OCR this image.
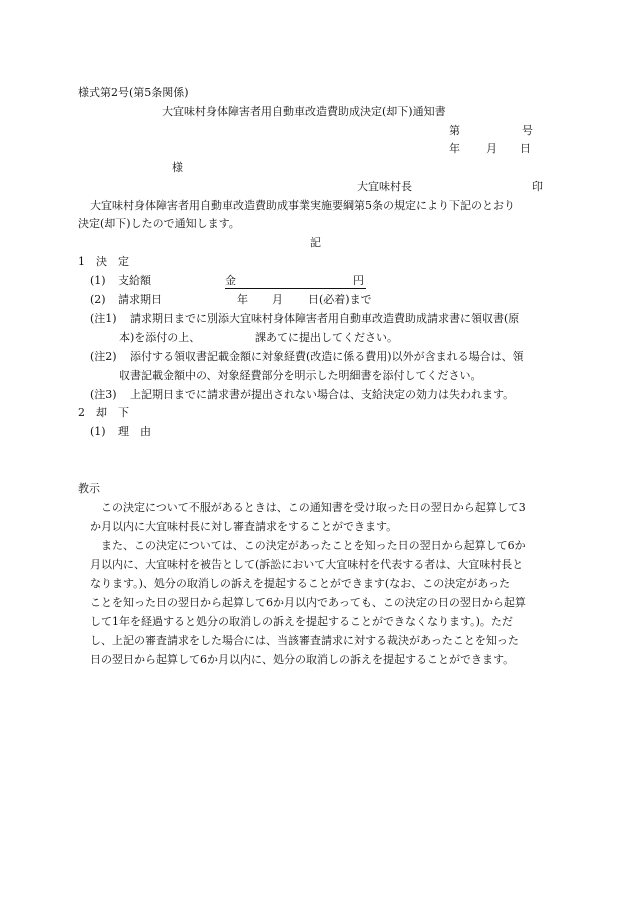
様式第2号(第5条関係)
大宜味村身体障害者用自動車改造費助成決定(却下)通知書
第	号
年 月 日
様
大宜味村長	印
大宜味村身体障害者用自動車改造費助成事業実施要綱第5条の規定により下記のとおり
決定(却下)したので通知します。
記
1 決　定
(1) 支給額	金	円
(2) 請求期日	年 月 日(必着)まで
(注1) 請求期日までに別添大宜味村身体障害者用自動車改造費助成請求書に領収書(原
本)を添付の上、	課あてに提出してください。
(注2) 添付する領収書記載金額に対象経費(改造に係る費用)以外が含まれる場合は、領
収書記載金額中の、対象経費部分を明示した明細書を添付してください。
(注3) 上記期日までに請求書が提出されない場合は、支給決定の効力は失われます。
2 却　下
(1) 理　由
教示
この決定について不服があるときは、この通知書を受け取った日の翌日から起算して3
か月以内に大宜味村長に対し審査請求をすることができます。
また、この決定については、この決定があったことを知った日の翌日から起算して6か
月以内に、大宜味村を被告として(訴訟において大宜味村を代表する者は、大宜味村長と
なります。)、処分の取消しの訴えを提起することができます(なお、この決定があった
ことを知った日の翌日から起算して6か月以内であっても、この決定の日の翌日から起算
して1年を経過すると処分の取消しの訴えを提起することができなくなります。)。ただ
し、上記の審査請求をした場合には、当該審査請求に対する裁決があったことを知った
日の翌日から起算して6か月以内に、処分の取消しの訴えを提起することができます。
